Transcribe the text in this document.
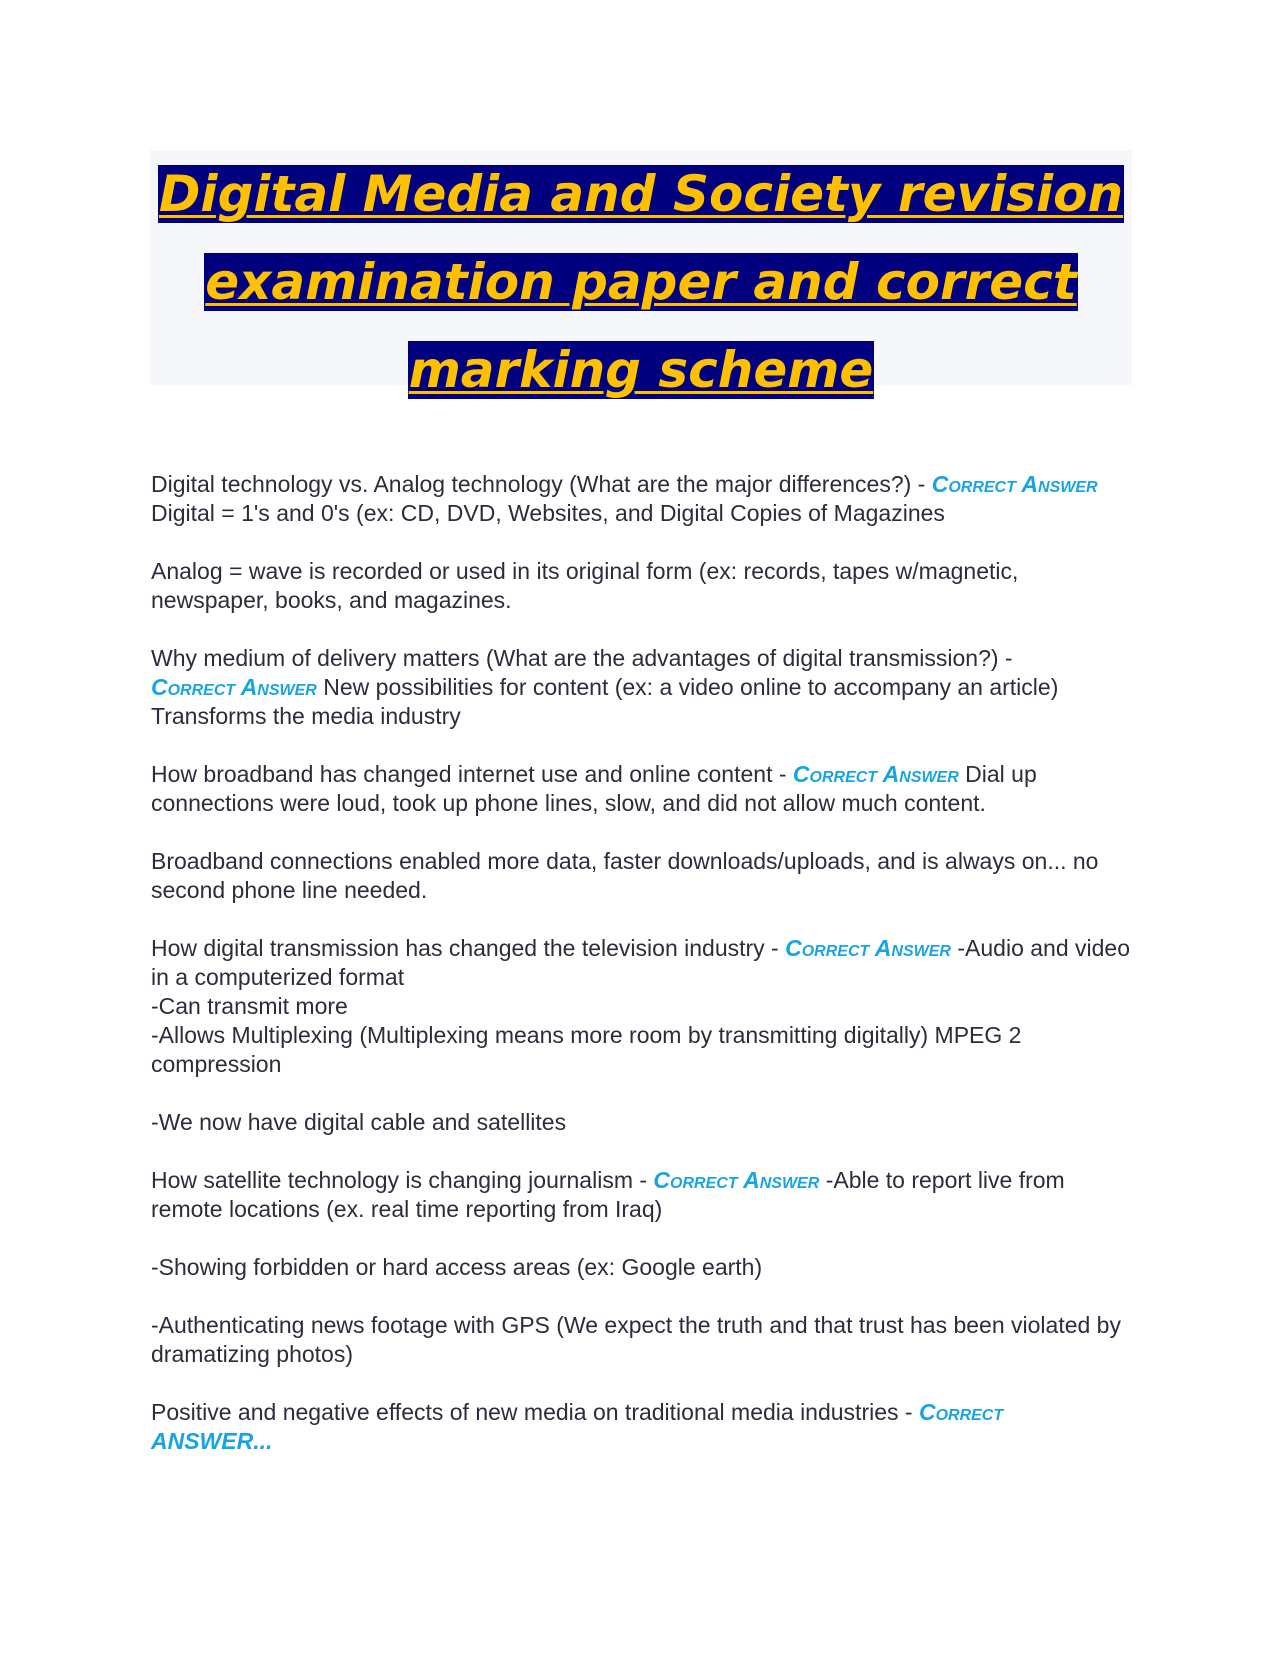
Digital Media and Society revision
examination paper and correct
marking scheme

Digital technology vs. Analog technology (What are the major differences?) - Correct Answer Digital = 1's and 0's (ex: CD, DVD, Websites, and Digital Copies of Magazines

Analog = wave is recorded or used in its original form (ex: records, tapes w/magnetic, newspaper, books, and magazines.

Why medium of delivery matters (What are the advantages of digital transmission?) -
Correct Answer New possibilities for content (ex: a video online to accompany an article)
Transforms the media industry

How broadband has changed internet use and online content - Correct Answer Dial up connections were loud, took up phone lines, slow, and did not allow much content.

Broadband connections enabled more data, faster downloads/uploads, and is always on... no second phone line needed.

How digital transmission has changed the television industry - Correct Answer -Audio and video in a computerized format
-Can transmit more
-Allows Multiplexing (Multiplexing means more room by transmitting digitally) MPEG 2 compression

-We now have digital cable and satellites

How satellite technology is changing journalism - Correct Answer -Able to report live from remote locations (ex. real time reporting from Iraq)

-Showing forbidden or hard access areas (ex: Google earth)

-Authenticating news footage with GPS (We expect the truth and that trust has been violated by dramatizing photos)

Positive and negative effects of new media on traditional media industries - Correct
ANSWER...
